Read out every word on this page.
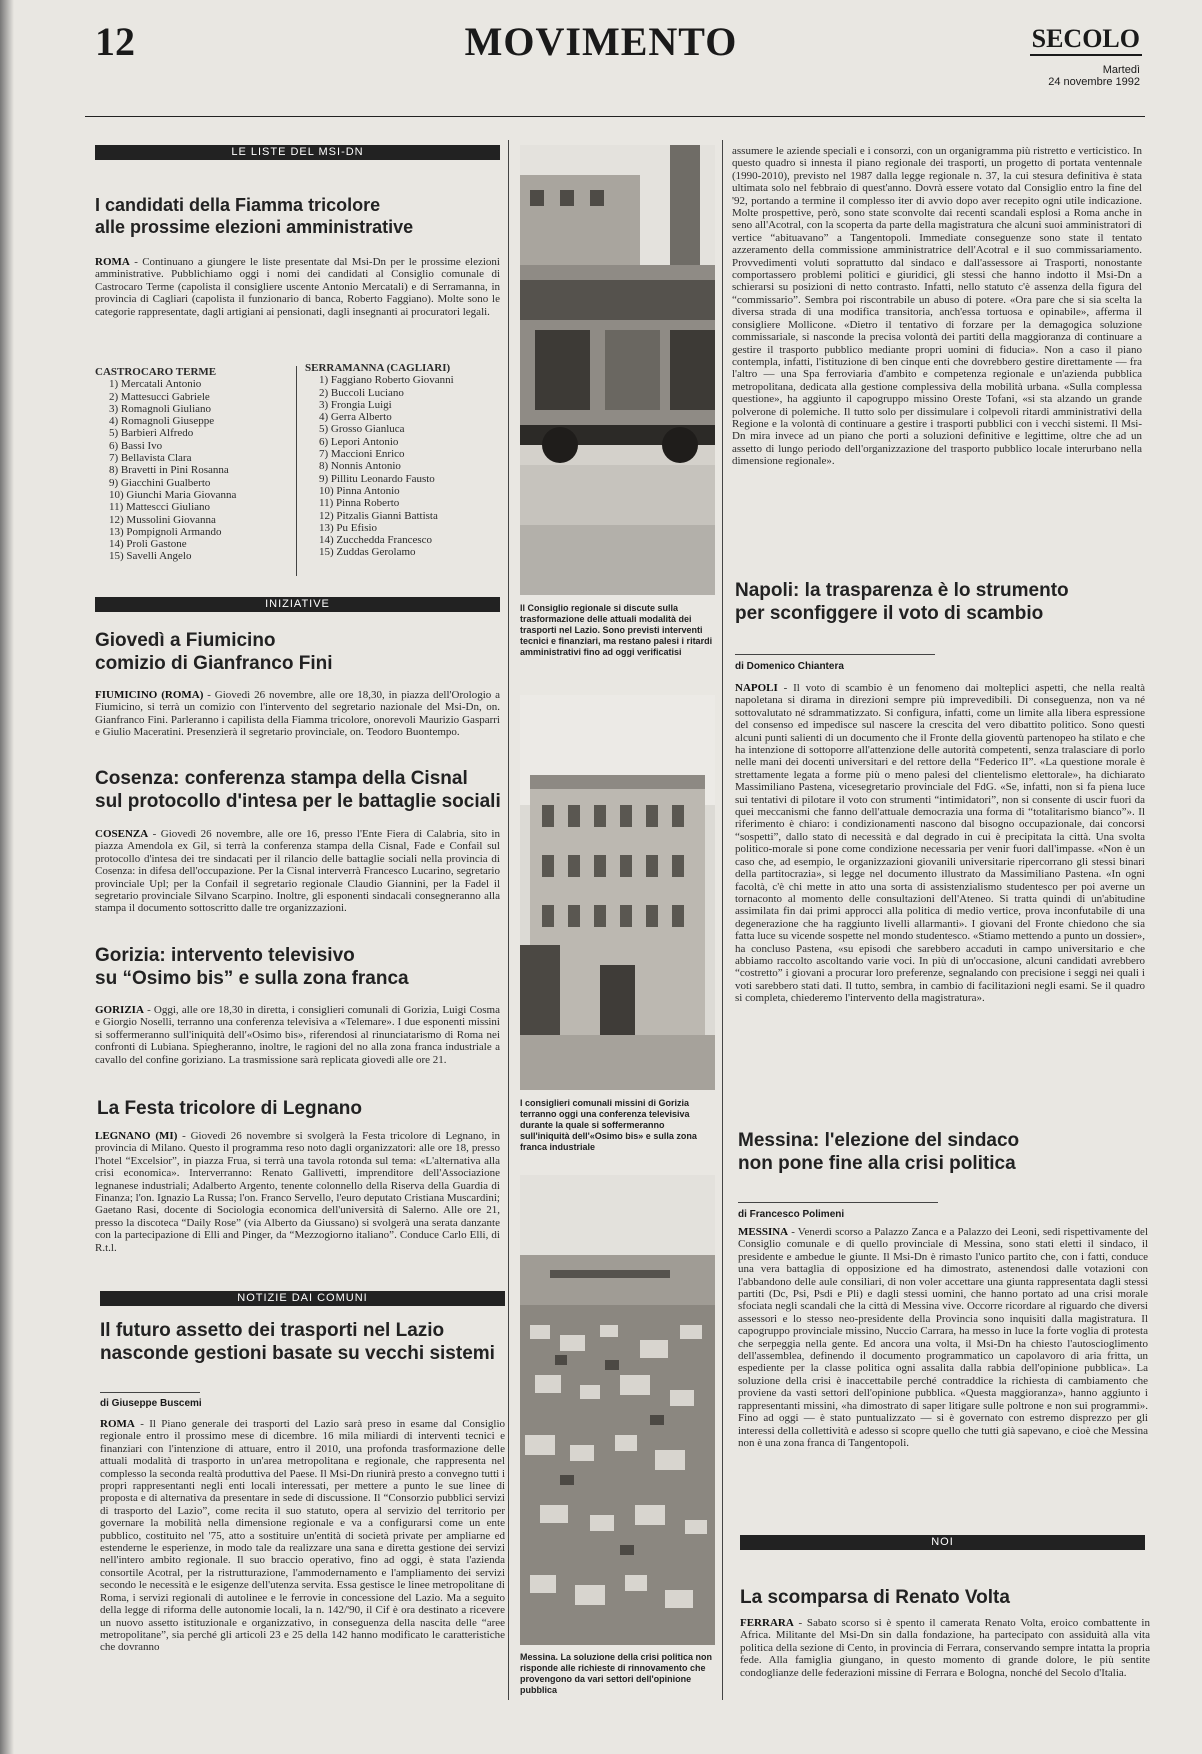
12	MOVIMENTO	SECOLO
Martedì
24 novembre 1992
LE LISTE DEL MSI-DN
I candidati della Fiamma tricolore
alle prossime elezioni amministrative
ROMA - Continuano a giungere le liste presentate dal Msi-Dn per le prossime elezioni amministrative. Pubblichiamo oggi i nomi dei candidati al Consiglio comunale di Castrocaro Terme (capolista il consigliere uscente Antonio Mercatali) e di Serramanna, in provincia di Cagliari (capolista il funzionario di banca, Roberto Faggiano). Molte sono le categorie rappresentate, dagli artigiani ai pensionati, dagli insegnanti ai procuratori legali.
CASTROCARO TERME
1) Mercatali Antonio
2) Mattesucci Gabriele
3) Romagnoli Giuliano
4) Romagnoli Giuseppe
5) Barbieri Alfredo
6) Bassi Ivo
7) Bellavista Clara
8) Bravetti in Pini Rosanna
9) Giacchini Gualberto
10) Giunchi Maria Giovanna
11) Mattescci Giuliano
12) Mussolini Giovanna
13) Pompignoli Armando
14) Proli Gastone
15) Savelli Angelo
SERRAMANNA (CAGLIARI)
1) Faggiano Roberto Giovanni
2) Buccoli Luciano
3) Frongia Luigi
4) Gerra Alberto
5) Grosso Gianluca
6) Lepori Antonio
7) Maccioni Enrico
8) Nonnis Antonio
9) Pillitu Leonardo Fausto
10) Pinna Antonio
11) Pinna Roberto
12) Pitzalis Gianni Battista
13) Pu Efisio
14) Zucchedda Francesco
15) Zuddas Gerolamo
INIZIATIVE
Giovedì a Fiumicino
comizio di Gianfranco Fini
FIUMICINO (ROMA) - Giovedì 26 novembre, alle ore 18,30, in piazza dell'Orologio a Fiumicino, si terrà un comizio con l'intervento del segretario nazionale del Msi-Dn, on. Gianfranco Fini. Parleranno i capilista della Fiamma tricolore, onorevoli Maurizio Gasparri e Giulio Maceratini. Presenzierà il segretario provinciale, on. Teodoro Buontempo.
Cosenza: conferenza stampa della Cisnal
sul protocollo d'intesa per le battaglie sociali
COSENZA - Giovedì 26 novembre, alle ore 16, presso l'Ente Fiera di Calabria, sito in piazza Amendola ex Gil, si terrà la conferenza stampa della Cisnal, Fade e Confail sul protocollo d'intesa dei tre sindacati per il rilancio delle battaglie sociali nella provincia di Cosenza: in difesa dell'occupazione. Per la Cisnal interverrà Francesco Lucarino, segretario provinciale Upl; per la Confail il segretario regionale Claudio Giannini, per la Fadel il segretario provinciale Silvano Scarpino. Inoltre, gli esponenti sindacali consegneranno alla stampa il documento sottoscritto dalle tre organizzazioni.
Gorizia: intervento televisivo
su “Osimo bis” e sulla zona franca
GORIZIA - Oggi, alle ore 18,30 in diretta, i consiglieri comunali di Gorizia, Luigi Cosma e Giorgio Noselli, terranno una conferenza televisiva a «Telemare». I due esponenti missini si soffermeranno sull'iniquità dell'«Osimo bis», riferendosi al rinunciatarismo di Roma nei confronti di Lubiana. Spiegheranno, inoltre, le ragioni del no alla zona franca industriale a cavallo del confine goriziano. La trasmissione sarà replicata giovedì alle ore 21.
La Festa tricolore di Legnano
LEGNANO (MI) - Giovedì 26 novembre si svolgerà la Festa tricolore di Legnano, in provincia di Milano. Questo il programma reso noto dagli organizzatori: alle ore 18, presso l'hotel “Excelsior”, in piazza Frua, si terrà una tavola rotonda sul tema: «L'alternativa alla crisi economica». Interverranno: Renato Gallivetti, imprenditore dell'Associazione legnanese industriali; Adalberto Argento, tenente colonnello della Riserva della Guardia di Finanza; l'on. Ignazio La Russa; l'on. Franco Servello, l'euro deputato Cristiana Muscardini; Gaetano Rasi, docente di Sociologia economica dell'università di Salerno. Alle ore 21, presso la discoteca “Daily Rose” (via Alberto da Giussano) si svolgerà una serata danzante con la partecipazione di Elli and Pinger, da “Mezzogiorno italiano”. Conduce Carlo Elli, di R.t.l.
NOTIZIE DAI COMUNI
Il futuro assetto dei trasporti nel Lazio
nasconde gestioni basate su vecchi sistemi
di Giuseppe Buscemi
ROMA - Il Piano generale dei trasporti del Lazio sarà preso in esame dal Consiglio regionale entro il prossimo mese di dicembre. 16 mila miliardi di interventi tecnici e finanziari con l'intenzione di attuare, entro il 2010, una profonda trasformazione delle attuali modalità di trasporto in un'area metropolitana e regionale, che rappresenta nel complesso la seconda realtà produttiva del Paese. Il Msi-Dn riunirà presto a convegno tutti i propri rappresentanti negli enti locali interessati, per mettere a punto le sue linee di proposta e di alternativa da presentare in sede di discussione. Il “Consorzio pubblici servizi di trasporto del Lazio”, come recita il suo statuto, opera al servizio del territorio per governare la mobilità nella dimensione regionale e va a configurarsi come un ente pubblico, costituito nel '75, atto a sostituire un'entità di società private per ampliarne ed estenderne le esperienze, in modo tale da realizzare una sana e diretta gestione dei servizi nell'intero ambito regionale. Il suo braccio operativo, fino ad oggi, è stata l'azienda consortile Acotral, per la ristrutturazione, l'ammodernamento e l'ampliamento dei servizi secondo le necessità e le esigenze dell'utenza servita. Essa gestisce le linee metropolitane di Roma, i servizi regionali di autolinee e le ferrovie in concessione del Lazio. Ma a seguito della legge di riforma delle autonomie locali, la n. 142/'90, il Cif è ora destinato a ricevere un nuovo assetto istituzionale e organizzativo, in conseguenza della nascita delle “aree metropolitane”, sia perché gli articoli 23 e 25 della 142 hanno modificato le caratteristiche che dovranno
Il Consiglio regionale si discute sulla trasformazione delle attuali modalità dei trasporti nel Lazio. Sono previsti interventi tecnici e finanziari, ma restano palesi i ritardi amministrativi fino ad oggi verificatisi
I consiglieri comunali missini di Gorizia terranno oggi una conferenza televisiva durante la quale si soffermeranno sull'iniquità dell'«Osimo bis» e sulla zona franca industriale
Messina. La soluzione della crisi politica non risponde alle richieste di rinnovamento che provengono da vari settori dell'opinione pubblica
assumere le aziende speciali e i consorzi, con un organigramma più ristretto e verticistico. In questo quadro si innesta il piano regionale dei trasporti, un progetto di portata ventennale (1990-2010), previsto nel 1987 dalla legge regionale n. 37, la cui stesura definitiva è stata ultimata solo nel febbraio di quest'anno. Dovrà essere votato dal Consiglio entro la fine del '92, portando a termine il complesso iter di avvio dopo aver recepito ogni utile indicazione. Molte prospettive, però, sono state sconvolte dai recenti scandali esplosi a Roma anche in seno all'Acotral, con la scoperta da parte della magistratura che alcuni suoi amministratori di vertice “abituavano” a Tangentopoli. Immediate conseguenze sono state il tentato azzeramento della commissione amministratrice dell'Acotral e il suo commissariamento. Provvedimenti voluti soprattutto dal sindaco e dall'assessore ai Trasporti, nonostante comportassero problemi politici e giuridici, gli stessi che hanno indotto il Msi-Dn a schierarsi su posizioni di netto contrasto. Infatti, nello statuto c'è assenza della figura del “commissario”. Sembra poi riscontrabile un abuso di potere. «Ora pare che si sia scelta la diversa strada di una modifica transitoria, anch'essa tortuosa e opinabile», afferma il consigliere Mollicone. «Dietro il tentativo di forzare per la demagogica soluzione commissariale, si nasconde la precisa volontà dei partiti della maggioranza di continuare a gestire il trasporto pubblico mediante propri uomini di fiducia». Non a caso il piano contempla, infatti, l'istituzione di ben cinque enti che dovrebbero gestire direttamente — fra l'altro — una Spa ferroviaria d'ambito e competenza regionale e un'azienda pubblica metropolitana, dedicata alla gestione complessiva della mobilità urbana. «Sulla complessa questione», ha aggiunto il capogruppo missino Oreste Tofani, «si sta alzando un grande polverone di polemiche. Il tutto solo per dissimulare i colpevoli ritardi amministrativi della Regione e la volontà di continuare a gestire i trasporti pubblici con i vecchi sistemi. Il Msi-Dn mira invece ad un piano che porti a soluzioni definitive e legittime, oltre che ad un assetto di lungo periodo dell'organizzazione del trasporto pubblico locale interurbano nella dimensione regionale».
Napoli: la trasparenza è lo strumento
per sconfiggere il voto di scambio
di Domenico Chiantera
NAPOLI - Il voto di scambio è un fenomeno dai molteplici aspetti, che nella realtà napoletana si dirama in direzioni sempre più imprevedibili. Di conseguenza, non va né sottovalutato né sdrammatizzato. Si configura, infatti, come un limite alla libera espressione del consenso ed impedisce sul nascere la crescita del vero dibattito politico. Sono questi alcuni punti salienti di un documento che il Fronte della gioventù partenopeo ha stilato e che ha intenzione di sottoporre all'attenzione delle autorità competenti, senza tralasciare di porlo nelle mani dei docenti universitari e del rettore della “Federico II”. «La questione morale è strettamente legata a forme più o meno palesi del clientelismo elettorale», ha dichiarato Massimiliano Pastena, vicesegretario provinciale del FdG. «Se, infatti, non si fa piena luce sui tentativi di pilotare il voto con strumenti “intimidatori”, non si consente di uscir fuori da quei meccanismi che fanno dell'attuale democrazia una forma di “totalitarismo bianco”». Il riferimento è chiaro: i condizionamenti nascono dal bisogno occupazionale, dai concorsi “sospetti”, dallo stato di necessità e dal degrado in cui è precipitata la città. Una svolta politico-morale si pone come condizione necessaria per venir fuori dall'impasse. «Non è un caso che, ad esempio, le organizzazioni giovanili universitarie ripercorrano gli stessi binari della partitocrazia», si legge nel documento illustrato da Massimiliano Pastena. «In ogni facoltà, c'è chi mette in atto una sorta di assistenzialismo studentesco per poi averne un tornaconto al momento delle consultazioni dell'Ateneo. Si tratta quindi di un'abitudine assimilata fin dai primi approcci alla politica di medio vertice, prova inconfutabile di una degenerazione che ha raggiunto livelli allarmanti». I giovani del Fronte chiedono che sia fatta luce su vicende sospette nel mondo studentesco. «Stiamo mettendo a punto un dossier», ha concluso Pastena, «su episodi che sarebbero accaduti in campo universitario e che abbiamo raccolto ascoltando varie voci. In più di un'occasione, alcuni candidati avrebbero “costretto” i giovani a procurar loro preferenze, segnalando con precisione i seggi nei quali i voti sarebbero stati dati. Il tutto, sembra, in cambio di facilitazioni negli esami. Se il quadro si completa, chiederemo l'intervento della magistratura».
Messina: l'elezione del sindaco
non pone fine alla crisi politica
di Francesco Polimeni
MESSINA - Venerdì scorso a Palazzo Zanca e a Palazzo dei Leoni, sedi rispettivamente del Consiglio comunale e di quello provinciale di Messina, sono stati eletti il sindaco, il presidente e ambedue le giunte. Il Msi-Dn è rimasto l'unico partito che, con i fatti, conduce una vera battaglia di opposizione ed ha dimostrato, astenendosi dalle votazioni con l'abbandono delle aule consiliari, di non voler accettare una giunta rappresentata dagli stessi partiti (Dc, Psi, Psdi e Pli) e dagli stessi uomini, che hanno portato ad una crisi morale sfociata negli scandali che la città di Messina vive. Occorre ricordare al riguardo che diversi assessori e lo stesso neo-presidente della Provincia sono inquisiti dalla magistratura. Il capogruppo provinciale missino, Nuccio Carrara, ha messo in luce la forte voglia di protesta che serpeggia nella gente. Ed ancora una volta, il Msi-Dn ha chiesto l'autoscioglimento dell'assemblea, definendo il documento programmatico un capolavoro di aria fritta, un espediente per la classe politica ogni assalita dalla rabbia dell'opinione pubblica». La soluzione della crisi è inaccettabile perché contraddice la richiesta di cambiamento che proviene da vasti settori dell'opinione pubblica. «Questa maggioranza», hanno aggiunto i rappresentanti missini, «ha dimostrato di saper litigare sulle poltrone e non sui programmi». Fino ad oggi — è stato puntualizzato — si è governato con estremo disprezzo per gli interessi della collettività e adesso si scopre quello che tutti già sapevano, e cioè che Messina non è una zona franca di Tangentopoli.
NOI
La scomparsa di Renato Volta
FERRARA - Sabato scorso si è spento il camerata Renato Volta, eroico combattente in Africa. Militante del Msi-Dn sin dalla fondazione, ha partecipato con assiduità alla vita politica della sezione di Cento, in provincia di Ferrara, conservando sempre intatta la propria fede. Alla famiglia giungano, in questo momento di grande dolore, le più sentite condoglianze delle federazioni missine di Ferrara e Bologna, nonché del Secolo d'Italia.
